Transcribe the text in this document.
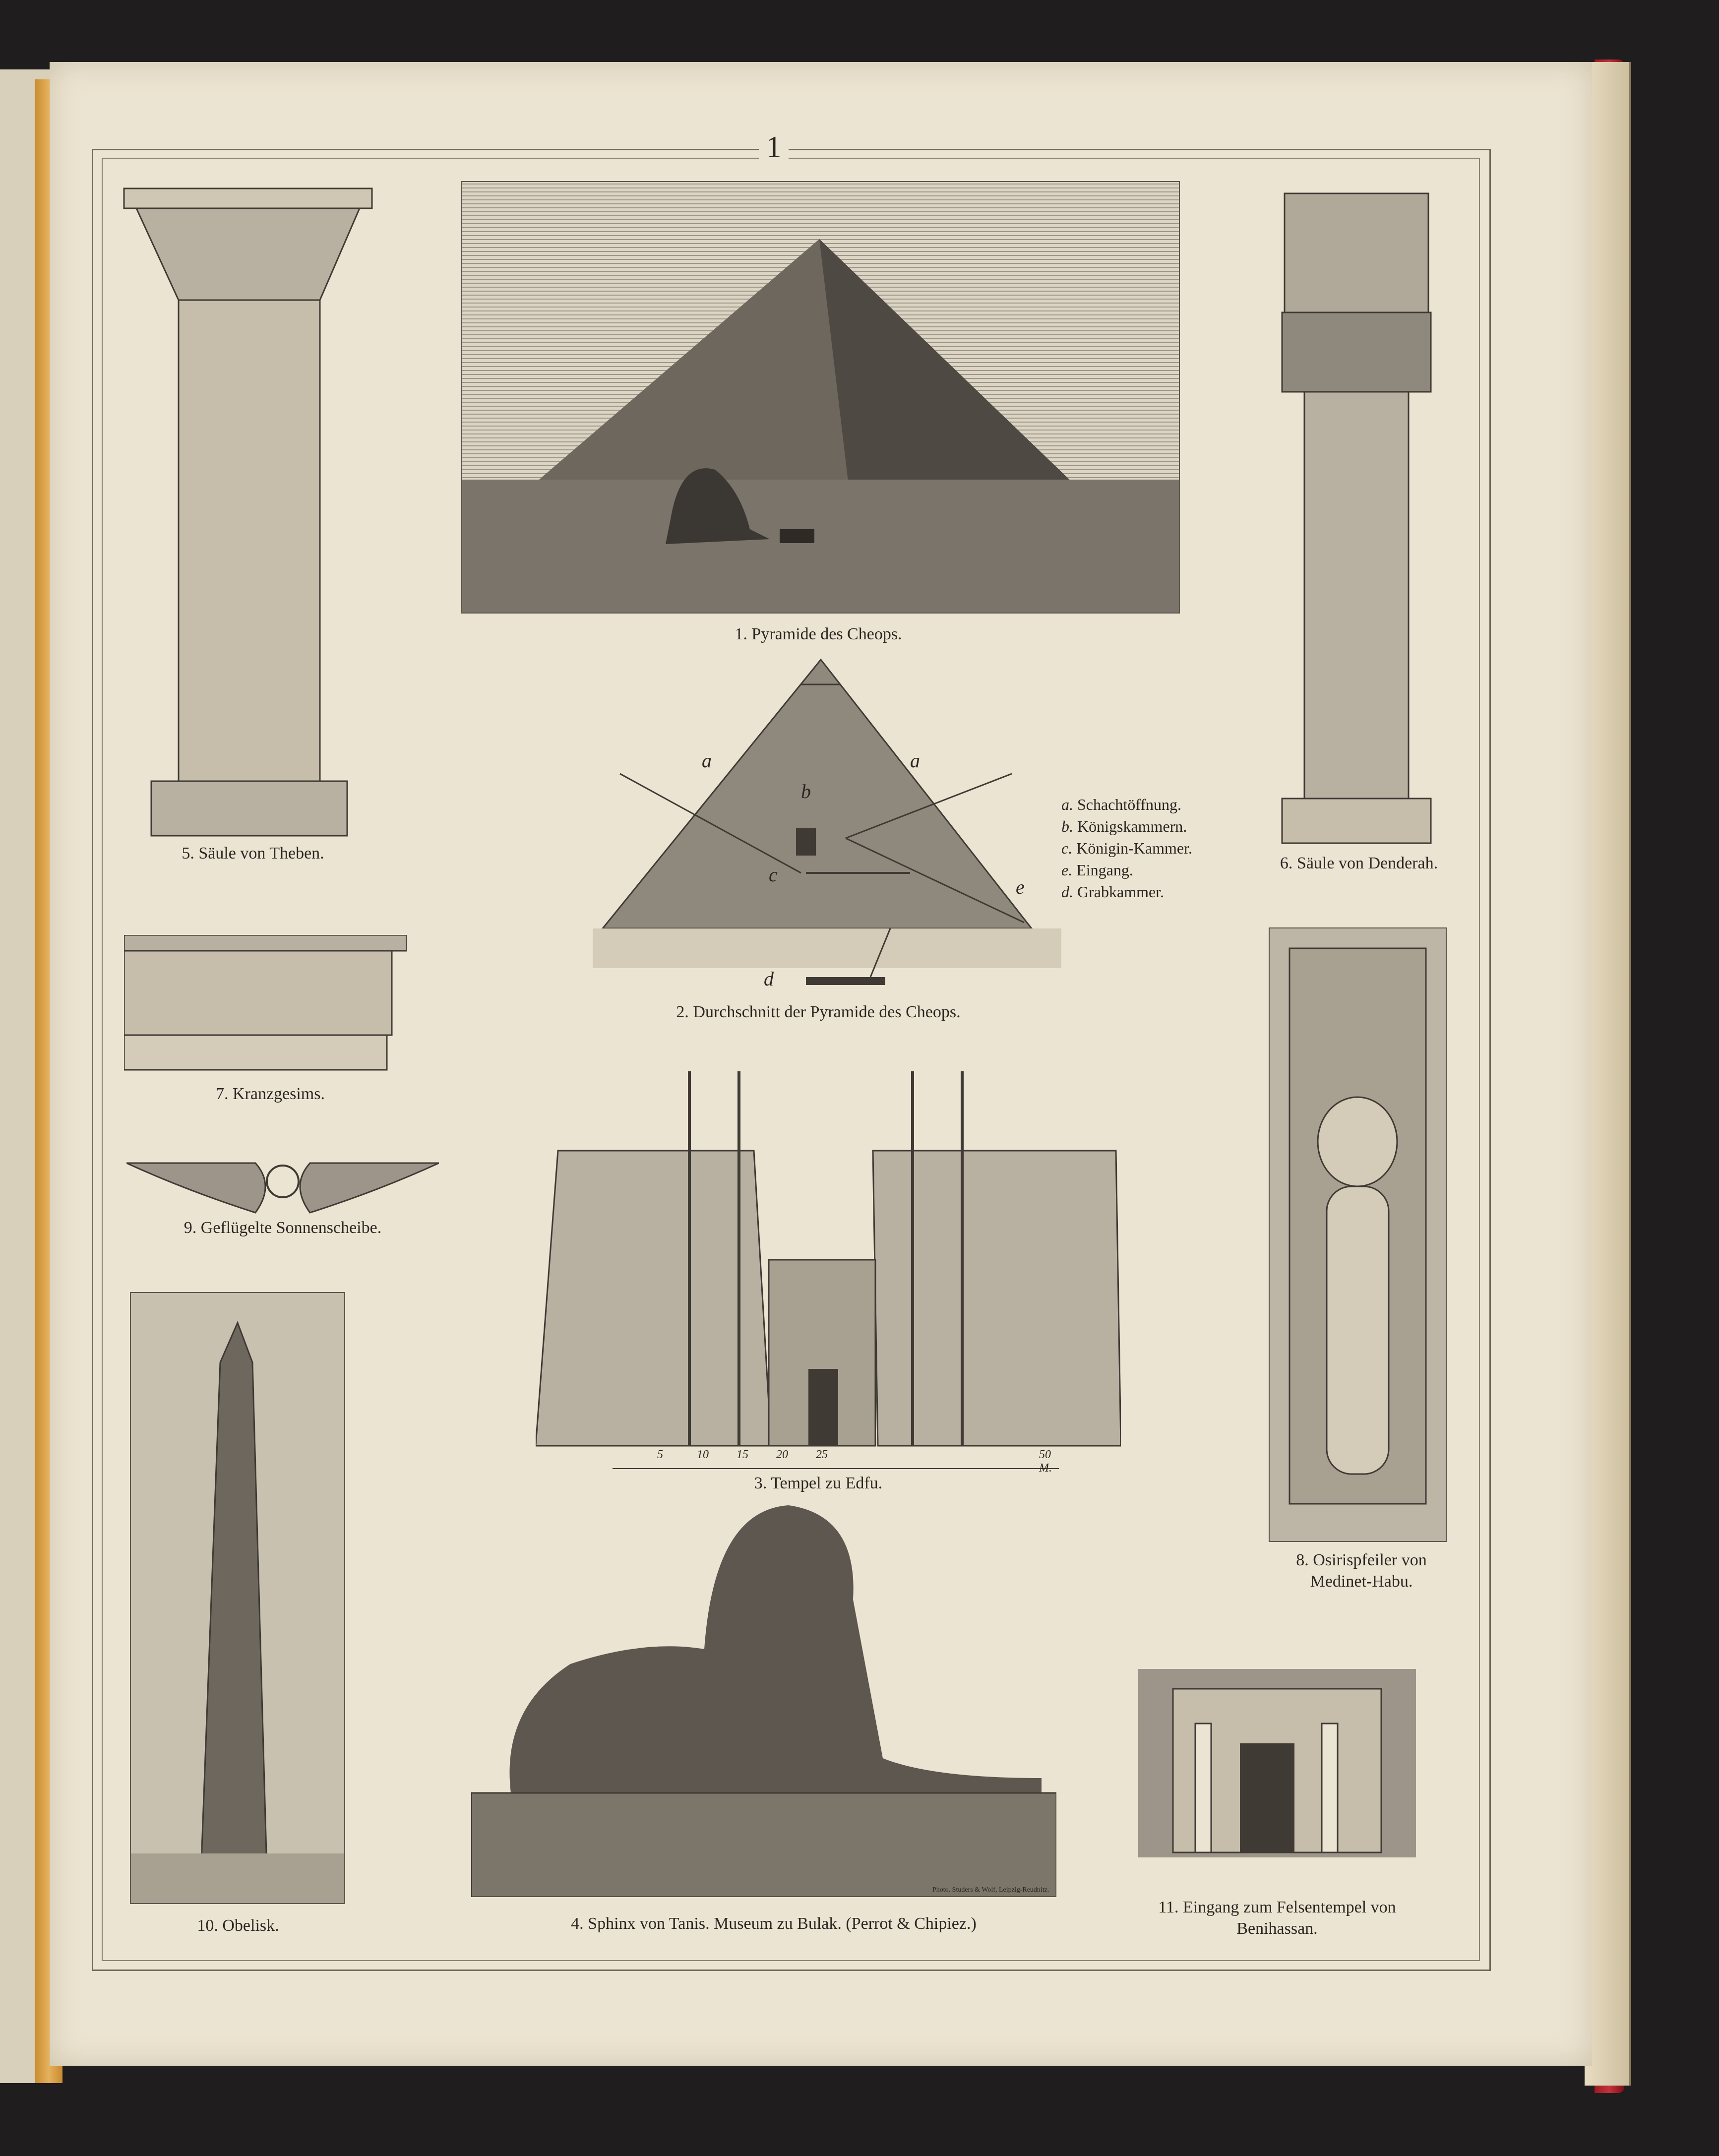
1
1. Pyramide des Cheops.
a	a
b
c
e
d
a. Schachtöffnung.
b. Königskammern.
c. Königin-Kammer.
e. Eingang.
d. Grabkammer.
2. Durchschnitt der Pyramide des Cheops.
5	10 15 20 25	50 M.
3. Tempel zu Edfu.
Photo. Studers & Wolf, Leipzig-Reudnitz.
4. Sphinx von Tanis. Museum zu Bulak. (Perrot & Chipiez.)
5. Säule von Theben.
6. Säule von Denderah.
7. Kranzgesims.
9. Geflügelte Sonnenscheibe.
10. Obelisk.
8. Osirispfeiler von
Medinet-Habu.
11. Eingang zum Felsentempel von
Benihassan.
